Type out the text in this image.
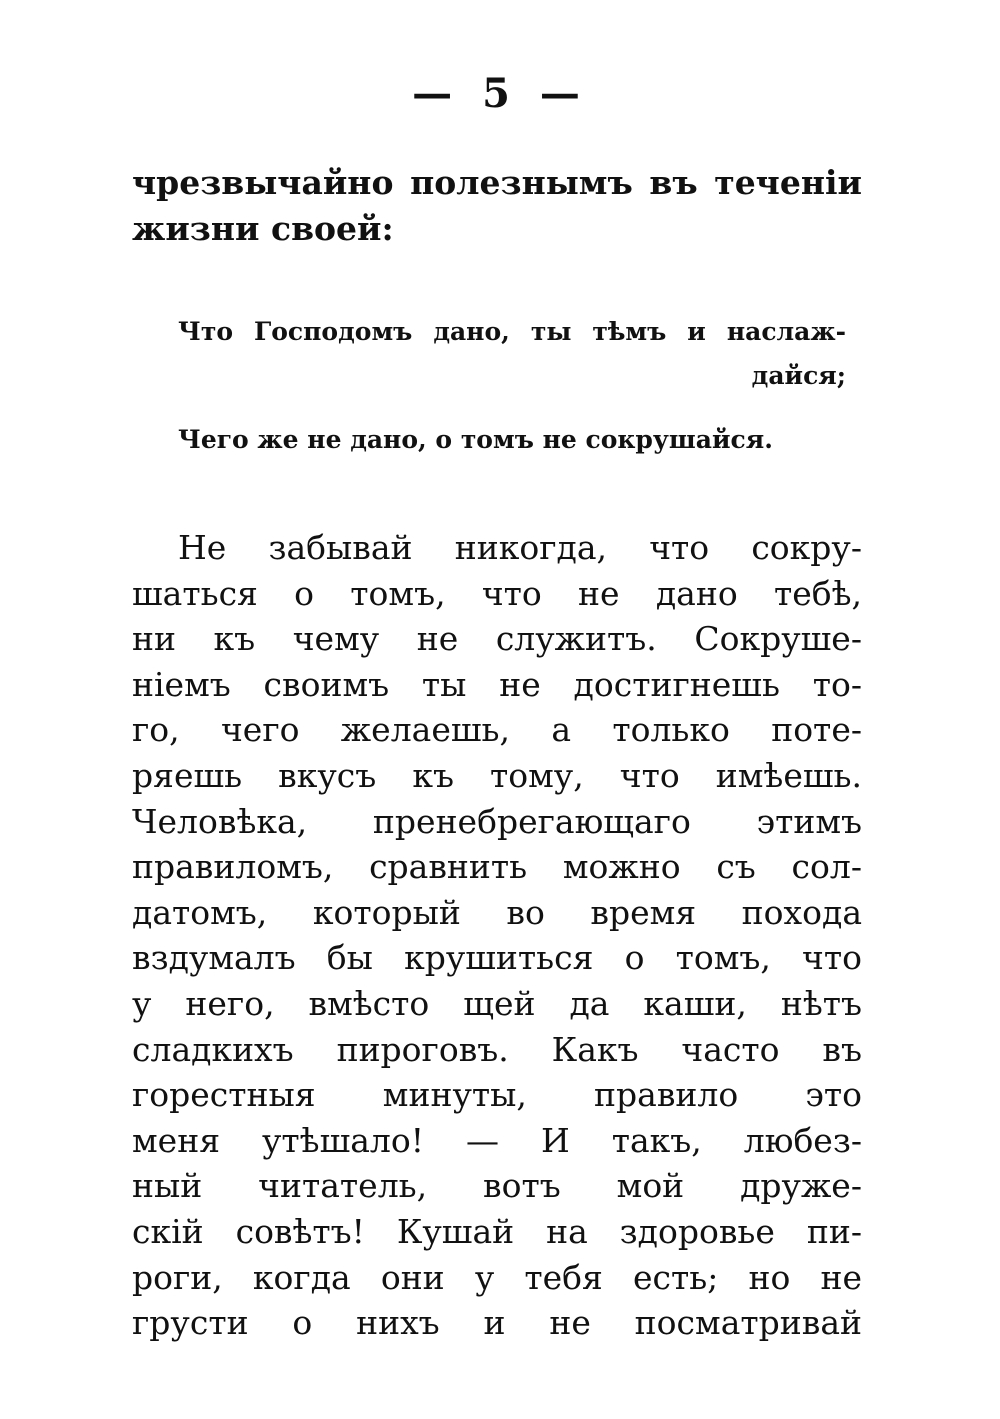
— 5 —
чрезвычайно полезнымъ въ теченіи
жизни своей:
Что Господомъ дано, ты тѣмъ и наслаж-
дайся;
Чего же не дано, о томъ не сокрушайся.
Не забывай никогда, что сокру-
шаться о томъ, что не дано тебѣ,
ни къ чему не служитъ. Сокруше-
ніемъ своимъ ты не достигнешь то-
го, чего желаешь, а только поте-
ряешь вкусъ къ тому, что имѣешь.
Человѣка, пренебрегающаго этимъ
правиломъ, сравнить можно съ сол-
датомъ, который во время похода
вздумалъ бы крушиться о томъ, что
у него, вмѣсто щей да каши, нѣтъ
сладкихъ пироговъ. Какъ часто въ
горестныя минуты, правило это
меня утѣшало! — И такъ, любез-
ный читатель, вотъ мой друже-
скій совѣтъ! Кушай на здоровье пи-
роги, когда они у тебя есть; но не
грусти о нихъ и не посматривай
